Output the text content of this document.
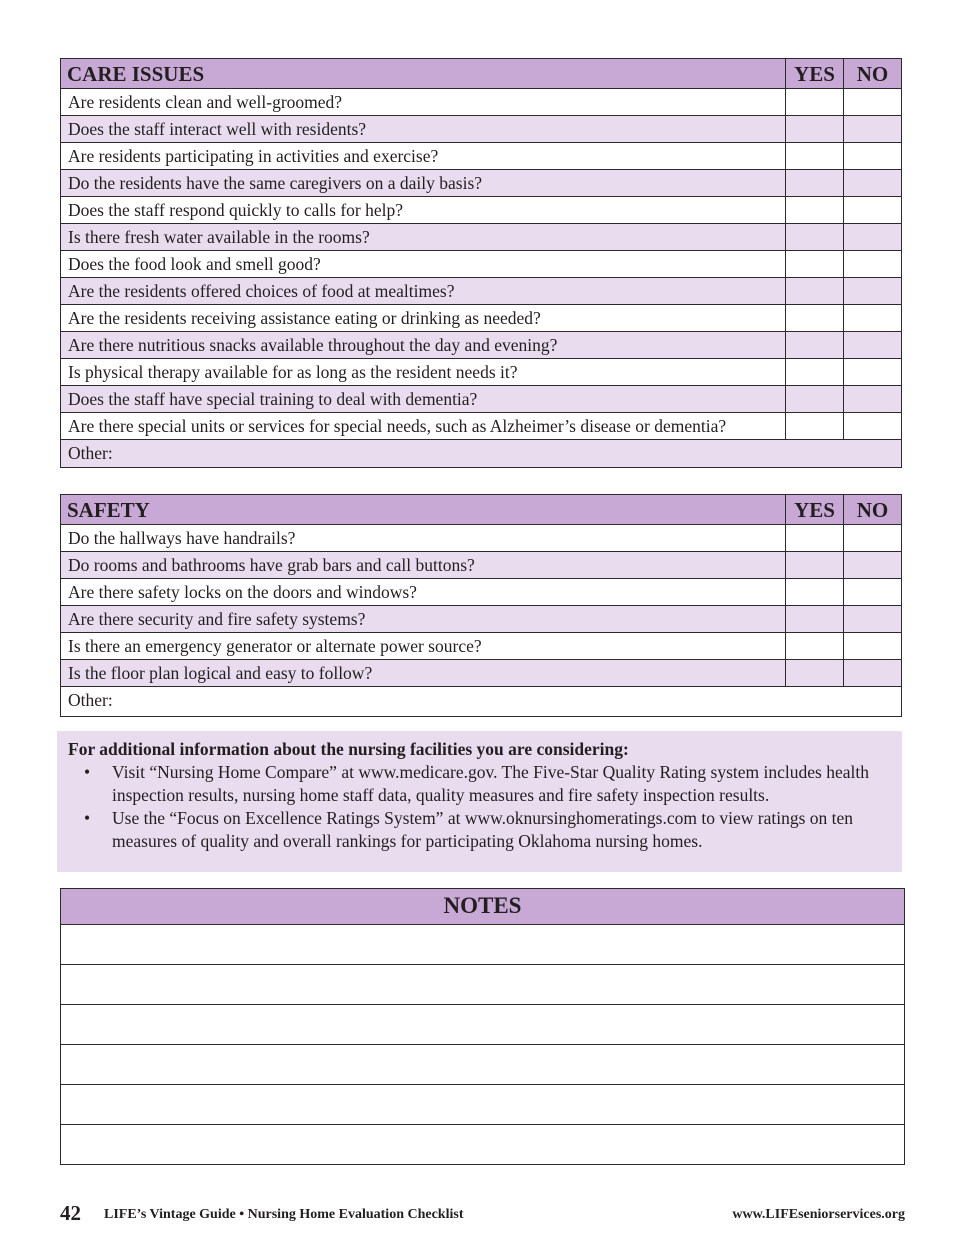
CARE ISSUES	YES	NO
Are residents clean and well-groomed?
Does the staff interact well with residents?
Are residents participating in activities and exercise?
Do the residents have the same caregivers on a daily basis?
Does the staff respond quickly to calls for help?
Is there fresh water available in the rooms?
Does the food look and smell good?
Are the residents offered choices of food at mealtimes?
Are the residents receiving assistance eating or drinking as needed?
Are there nutritious snacks available throughout the day and evening?
Is physical therapy available for as long as the resident needs it?
Does the staff have special training to deal with dementia?
Are there special units or services for special needs, such as Alzheimer’s disease or dementia?
Other:
SAFETY	YES	NO
Do the hallways have handrails?
Do rooms and bathrooms have grab bars and call buttons?
Are there safety locks on the doors and windows?
Are there security and fire safety systems?
Is there an emergency generator or alternate power source?
Is the floor plan logical and easy to follow?
Other:
For additional information about the nursing facilities you are considering:
• Visit “Nursing Home Compare” at www.medicare.gov. The Five-Star Quality Rating system includes health inspection results, nursing home staff data, quality measures and fire safety inspection results.
• Use the “Focus on Excellence Ratings System” at www.oknursinghomeratings.com to view ratings on ten measures of quality and overall rankings for participating Oklahoma nursing homes.
NOTES
42 LIFE’s Vintage Guide • Nursing Home Evaluation Checklist	www.LIFEseniorservices.org
